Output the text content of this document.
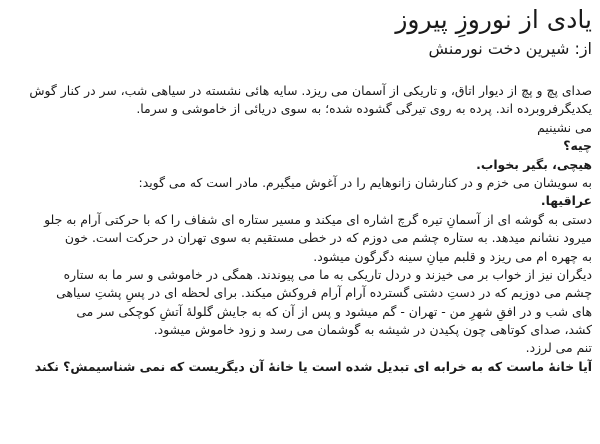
یادی از نوروزِ پیروز
از: شیرین دخت نورمنش
صدای پچ و پچ از دیوار اتاق، و تاریکی از آسمان می ریزد. سایه هائی نشسته در سیاهی شب، سر در کنار گوش
یکدیگرفروبرده اند. پرده به روی تیرگی گشوده شده؛ به سوی دریائی از خاموشی و سرما.
می نشینیم
چیه؟
هیچی، بگیر بخواب.
به سویشان می خزم و در کنارشان زانوهایم را در آغوش میگیرم. مادر است که می گوید:
عراقیها.
دستی به گوشه ای از آسمانِ تیره گرچ اشاره ای میکند و مسیر ستاره ای شفاف را که با حرکتی آرام به جلو
میرود نشانم میدهد. به ستاره چشم می دوزم که در خطی مستقیم به سوی تهران در حرکت است. خون
به چهره ام می ریزد و قلبم میانِ سینه دگرگون میشود.
دیگران نیز از خواب بر می خیزند و دردل تاریکی به ما می پیوندند. همگی در خاموشی و سر ما به ستاره
چشم می دوزیم که در دستِ دشتی گسترده آرام آرام فروکش میکند. برای لحظه ای در پسِ پشتِ سیاهی
های شب و در افقِ شهرِ من - تهران - گم میشود و پس از آن که به جایش گلولهٔ آتشِ کوچکی سر می
کشد، صدای کوتاهی چون پکیدن در شیشه به گوشمان می رسد و زود خاموش میشود.
تنم می لرزد.
آیا خانهٔ ماست که به خرابه ای تبدیل شده است یا خانهٔ آن دیگریست که نمی شناسیمش؟ نکند
